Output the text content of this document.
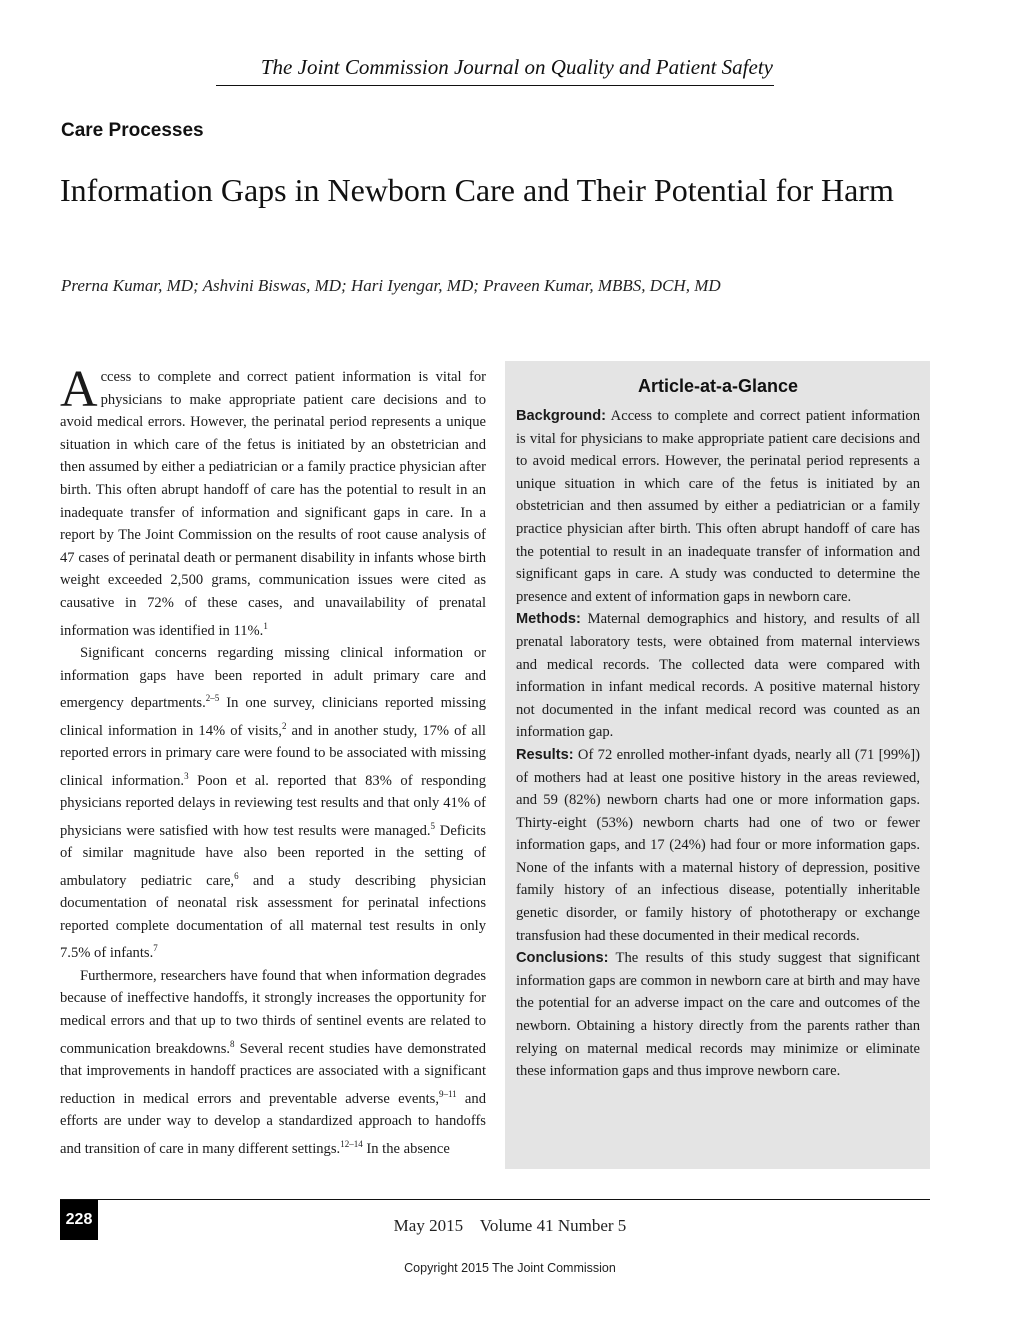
The Joint Commission Journal on Quality and Patient Safety
Care Processes
Information Gaps in Newborn Care and Their Potential for Harm
Prerna Kumar, MD; Ashvini Biswas, MD; Hari Iyengar, MD; Praveen Kumar, MBBS, DCH, MD

Access to complete and correct patient information is vital for physicians to make appropriate patient care decisions and to avoid medical errors. However, the perinatal period represents a unique situation in which care of the fetus is initiated by an obstetrician and then assumed by either a pediatrician or a family practice physician after birth. This often abrupt handoff of care has the potential to result in an inadequate transfer of information and significant gaps in care. In a report by The Joint Commission on the results of root cause analysis of 47 cases of perinatal death or permanent disability in infants whose birth weight exceeded 2,500 grams, communication issues were cited as causative in 72% of these cases, and unavailability of prenatal information was identified in 11%.$^1$

Significant concerns regarding missing clinical information or information gaps have been reported in adult primary care and emergency departments.$^{2-5}$ In one survey, clinicians reported missing clinical information in 14% of visits,$^2$ and in another study, 17% of all reported errors in primary care were found to be associated with missing clinical information.$^3$ Poon et al. reported that 83% of responding physicians reported delays in reviewing test results and that only 41% of physicians were satisfied with how test results were managed.$^5$ Deficits of similar magnitude have also been reported in the setting of ambulatory pediatric care,$^6$ and a study describing physician documentation of neonatal risk assessment for perinatal infections reported complete documentation of all maternal test results in only 7.5% of infants.$^7$

Furthermore, researchers have found that when information degrades because of ineffective handoffs, it strongly increases the opportunity for medical errors and that up to two thirds of sentinel events are related to communication breakdowns.$^8$ Several recent studies have demonstrated that improvements in handoff practices are associated with a significant reduction in medical errors and preventable adverse events,$^{9-11}$ and efforts are under way to develop a standardized approach to handoffs and transition of care in many different settings.$^{12-14}$ In the absence

Article-at-a-Glance

Background: Access to complete and correct patient information is vital for physicians to make appropriate patient care decisions and to avoid medical errors. However, the perinatal period represents a unique situation in which care of the fetus is initiated by an obstetrician and then assumed by either a pediatrician or a family practice physician after birth. This often abrupt handoff of care has the potential to result in an inadequate transfer of information and significant gaps in care. A study was conducted to determine the presence and extent of information gaps in newborn care.

Methods: Maternal demographics and history, and results of all prenatal laboratory tests, were obtained from maternal interviews and medical records. The collected data were compared with information in infant medical records. A positive maternal history not documented in the infant medical record was counted as an information gap.

Results: Of 72 enrolled mother-infant dyads, nearly all (71 [99%]) of mothers had at least one positive history in the areas reviewed, and 59 (82%) newborn charts had one or more information gaps. Thirty-eight (53%) newborn charts had one of two or fewer information gaps, and 17 (24%) had four or more information gaps. None of the infants with a maternal history of depression, positive family history of an infectious disease, potentially inheritable genetic disorder, or family history of phototherapy or exchange transfusion had these documented in their medical records.

Conclusions: The results of this study suggest that significant information gaps are common in newborn care at birth and may have the potential for an adverse impact on the care and outcomes of the newborn. Obtaining a history directly from the parents rather than relying on maternal medical records may minimize or eliminate these information gaps and thus improve newborn care.

228	May 2015    Volume 41 Number 5
Copyright 2015 The Joint Commission
